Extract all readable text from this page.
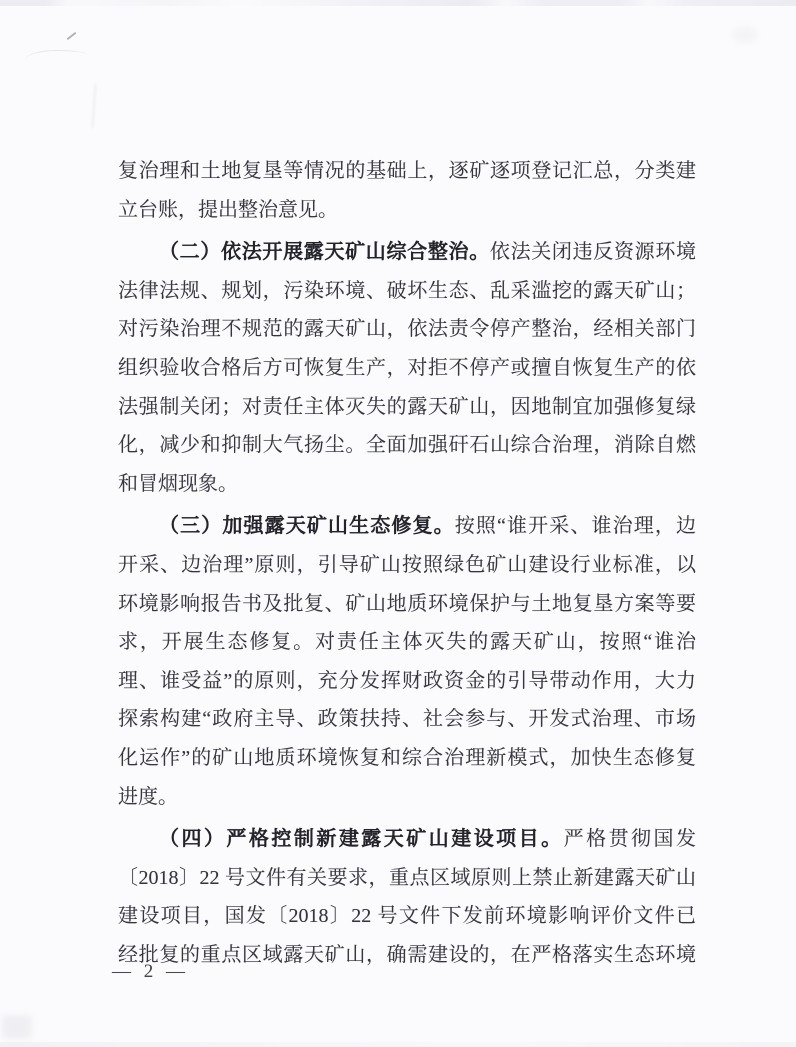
复治理和土地复垦等情况的基础上，逐矿逐项登记汇总，分类建
立台账，提出整治意见。
（二）依法开展露天矿山综合整治。依法关闭违反资源环境
法律法规、规划，污染环境、破坏生态、乱采滥挖的露天矿山；
对污染治理不规范的露天矿山，依法责令停产整治，经相关部门
组织验收合格后方可恢复生产，对拒不停产或擅自恢复生产的依
法强制关闭；对责任主体灭失的露天矿山，因地制宜加强修复绿
化，减少和抑制大气扬尘。全面加强矸石山综合治理，消除自燃
和冒烟现象。
（三）加强露天矿山生态修复。按照“谁开采、谁治理，边
开采、边治理”原则，引导矿山按照绿色矿山建设行业标准，以
环境影响报告书及批复、矿山地质环境保护与土地复垦方案等要
求，开展生态修复。对责任主体灭失的露天矿山，按照“谁治
理、谁受益”的原则，充分发挥财政资金的引导带动作用，大力
探索构建“政府主导、政策扶持、社会参与、开发式治理、市场
化运作”的矿山地质环境恢复和综合治理新模式，加快生态修复
进度。
（四）严格控制新建露天矿山建设项目。严格贯彻国发
〔2018〕22 号文件有关要求，重点区域原则上禁止新建露天矿山
建设项目，国发〔2018〕22 号文件下发前环境影响评价文件已
经批复的重点区域露天矿山，确需建设的，在严格落实生态环境
— 2 —
